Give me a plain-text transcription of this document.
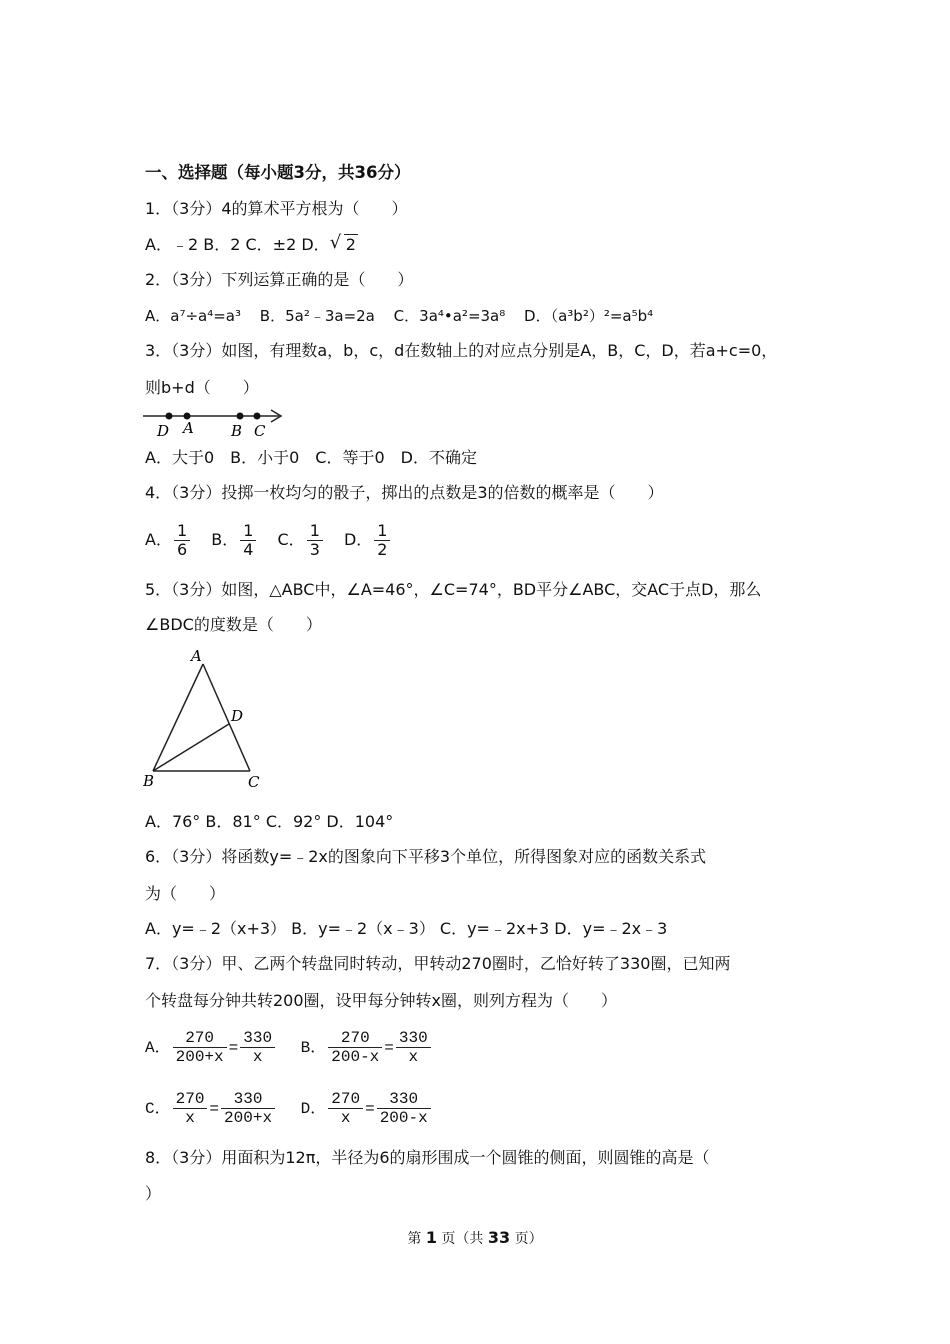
一、选择题（每小题3分，共36分）
1．（3分）4的算术平方根为（　　）
A．﹣2 B．2 C．±2 D． √ 2
2．（3分）下列运算正确的是（　　）
A．a⁷÷a⁴=a³ B．5a²﹣3a=2a C．3a⁴•a²=3a⁸ D．（a³b²）²=a⁵b⁴
3．（3分）如图，有理数a，b，c，d在数轴上的对应点分别是A，B，C，D，若a+c=0，
则b+d（　　）
D A B C
A．大于0　B．小于0　C．等于0　D．不确定
4．（3分）投掷一枚均匀的骰子，掷出的点数是3的倍数的概率是（　　）
A． $\frac{1}{6}$ B． $\frac{1}{4}$ C． $\frac{1}{3}$ D． $\frac{1}{2}$
5．（3分）如图，△ABC中，∠A=46°，∠C=74°，BD平分∠ABC，交AC于点D，那么
∠BDC的度数是（　　）
A
D
B	C
A．76° B．81° C．92° D．104°
6．（3分）将函数y=﹣2x的图象向下平移3个单位，所得图象对应的函数关系式
为（　　）
A．y=﹣2（x+3） B．y=﹣2（x﹣3） C．y=﹣2x+3 D．y=﹣2x﹣3
7．（3分）甲、乙两个转盘同时转动，甲转动270圈时，乙恰好转了330圈，已知两
个转盘每分钟共转200圈，设甲每分钟转x圈，则列方程为（　　）
A． $\frac{270}{200+x} = \frac{330}{x}$ B． $\frac{270}{200-x} = \frac{330}{x}$
C． $\frac{270}{x} = \frac{330}{200+x}$ D． $\frac{270}{x} = \frac{330}{200-x}$
8．（3分）用面积为12π，半径为6的扇形围成一个圆锥的侧面，则圆锥的高是（
）
第 1 页（共 33 页）
